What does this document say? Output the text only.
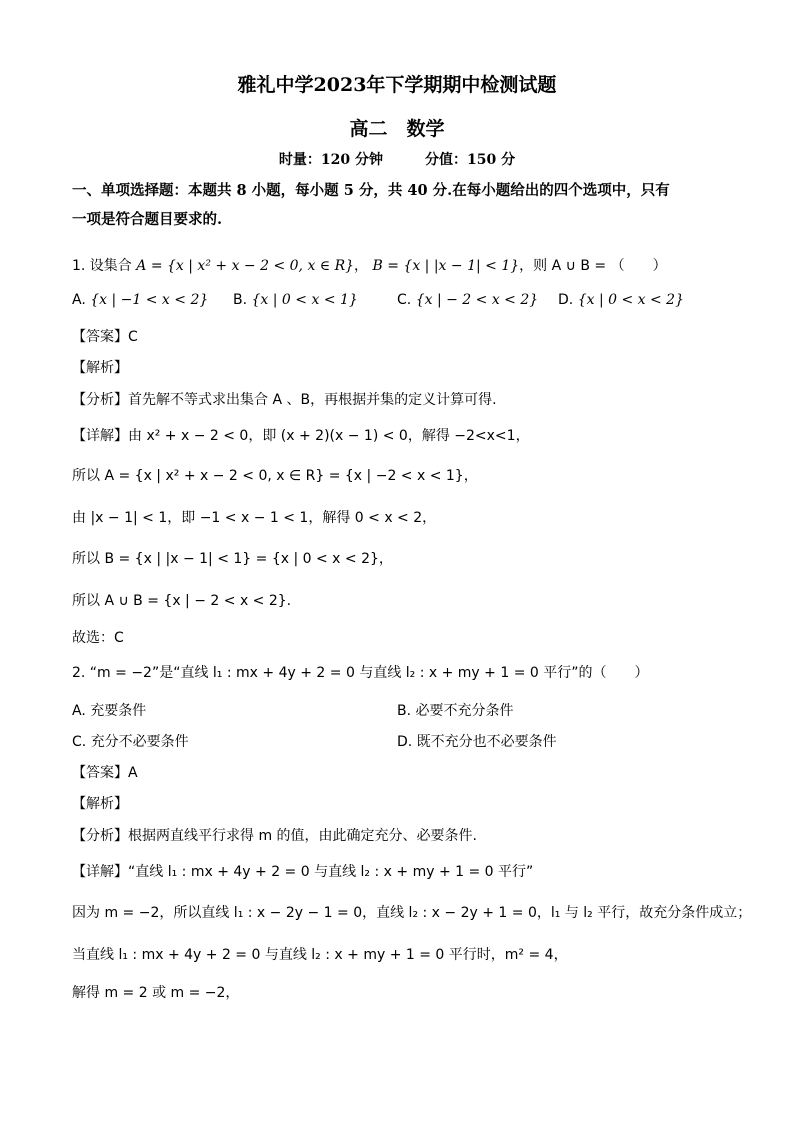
雅礼中学2023年下学期期中检测试题
高二　数学
时量：120 分钟	分值：150 分
一、单项选择题：本题共 8 小题，每小题 5 分，共 40 分.在每小题给出的四个选项中，只有
一项是符合题目要求的.
1. 设集合 A = {x | x² + x − 2 < 0, x ∈ R}， B = {x | |x − 1| < 1}，则 A ∪ B = （　　）
A. {x | −1 < x < 2} B. {x | 0 < x < 1}	C. {x | − 2 < x < 2} D. {x | 0 < x < 2}
【答案】C
【解析】
【分析】首先解不等式求出集合 A 、B，再根据并集的定义计算可得.
【详解】由 x² + x − 2 < 0，即 (x + 2)(x − 1) < 0，解得 −2<x<1，
所以 A = {x | x² + x − 2 < 0, x ∈ R} = {x | −2 < x < 1}，
由 |x − 1| < 1，即 −1 < x − 1 < 1，解得 0 < x < 2，
所以 B = {x | |x − 1| < 1} = {x | 0 < x < 2}，
所以 A ∪ B = {x | − 2 < x < 2}.
故选：C
2. “m = −2”是“直线 l₁ : mx + 4y + 2 = 0 与直线 l₂ : x + my + 1 = 0 平行”的（　　）
A. 充要条件	B. 必要不充分条件
C. 充分不必要条件	D. 既不充分也不必要条件
【答案】A
【解析】
【分析】根据两直线平行求得 m 的值，由此确定充分、必要条件.
【详解】“直线 l₁ : mx + 4y + 2 = 0 与直线 l₂ : x + my + 1 = 0 平行”
因为 m = −2，所以直线 l₁ : x − 2y − 1 = 0，直线 l₂ : x − 2y + 1 = 0，l₁ 与 l₂ 平行，故充分条件成立；
当直线 l₁ : mx + 4y + 2 = 0 与直线 l₂ : x + my + 1 = 0 平行时，m² = 4，
解得 m = 2 或 m = −2，
